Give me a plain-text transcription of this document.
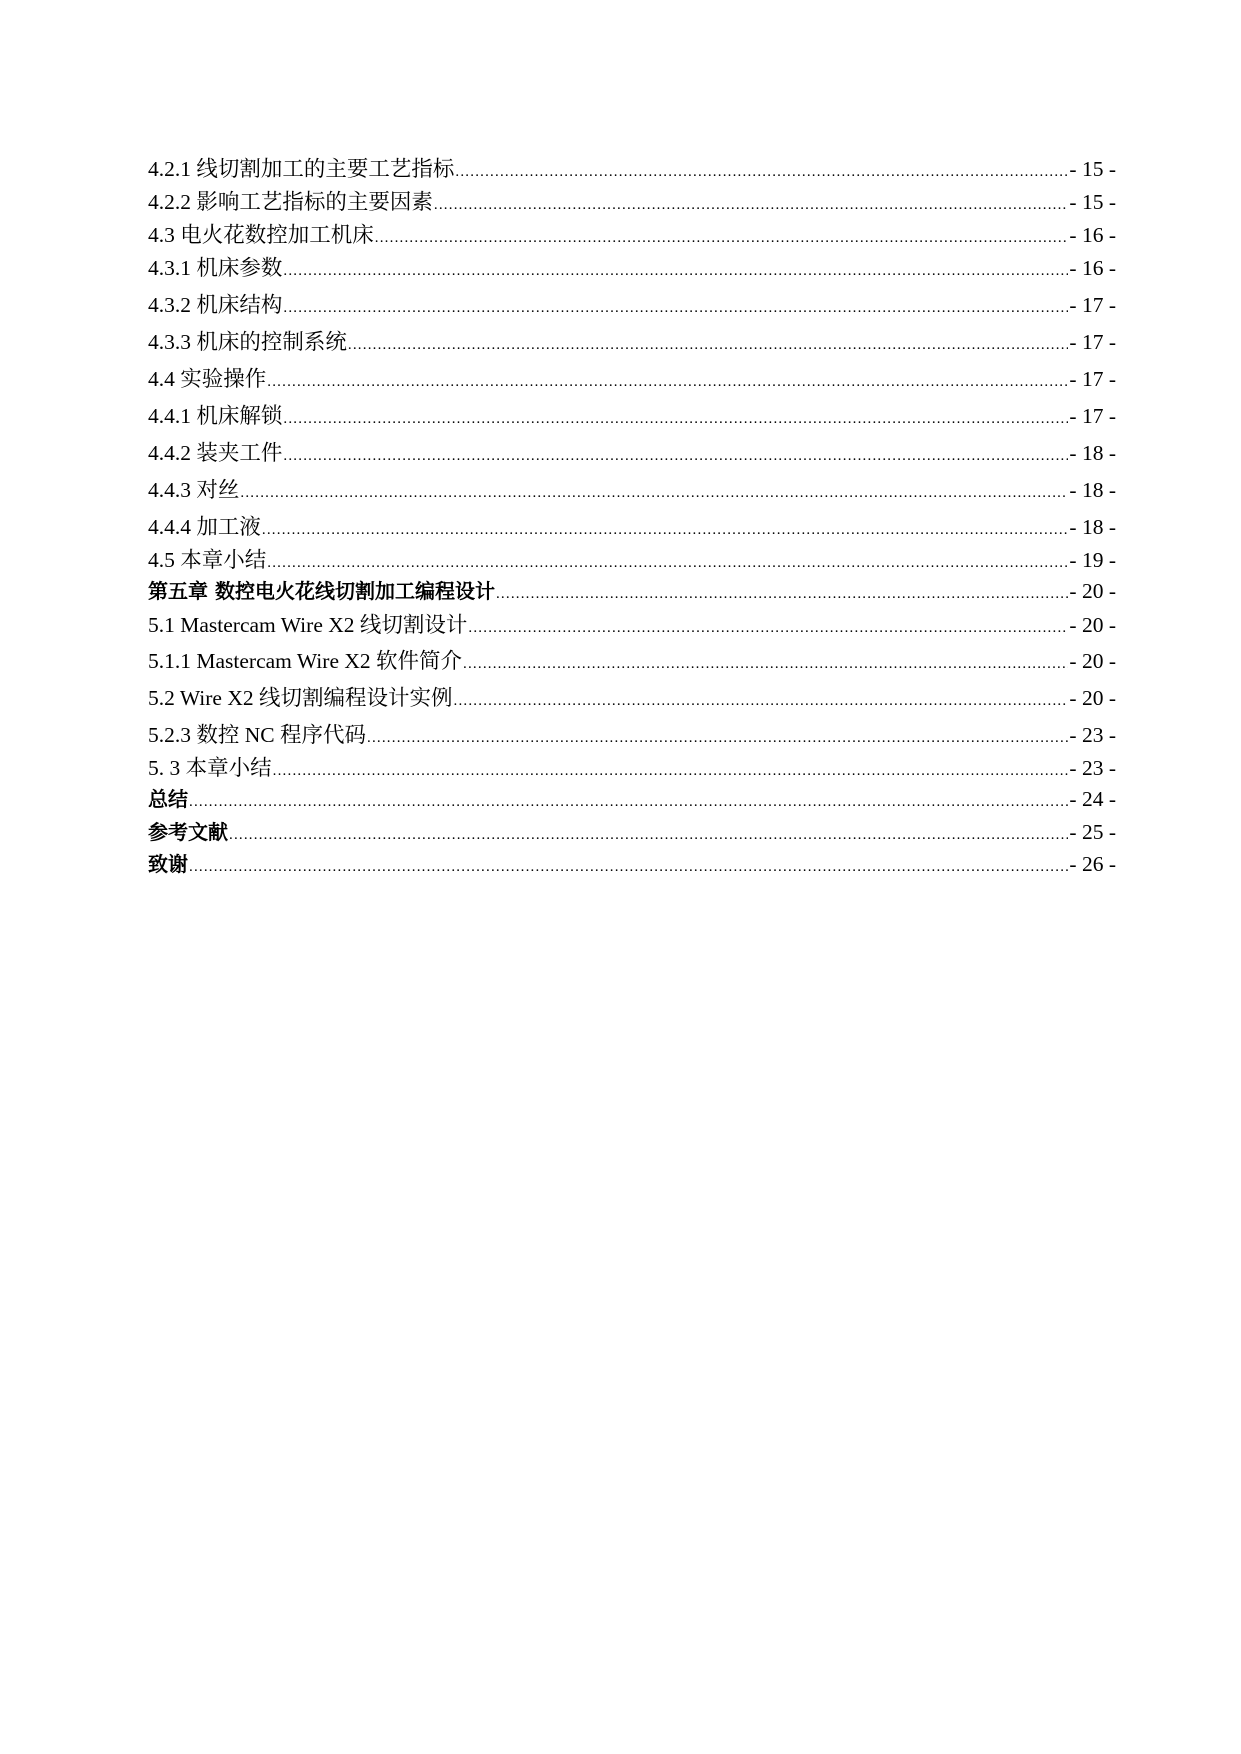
4.2.1 线切割加工的主要工艺指标 .....	- 15 -
4.2.2 影响工艺指标的主要因素 .....	- 15 -
4.3 电火花数控加工机床 .....	- 16 -
4.3.1 机床参数 .....	- 16 -
4.3.2 机床结构 .....	- 17 -
4.3.3 机床的控制系统 .....	- 17 -
4.4 实验操作 .....	- 17 -
4.4.1 机床解锁 .....	- 17 -
4.4.2 装夹工件 .....	- 18 -
4.4.3 对丝 .....	- 18 -
4.4.4 加工液 .....	- 18 -
4.5 本章小结 .....	- 19 -
第五章 数控电火花线切割加工编程设计 .....	- 20 -
5.1 Mastercam Wire X2 线切割设计 .....	- 20 -
5.1.1 Mastercam Wire X2 软件简介 .....	- 20 -
5.2 Wire X2 线切割编程设计实例 .....	- 20 -
5.2.3 数控 NC 程序代码 .....	- 23 -
5. 3 本章小结 .....	- 23 -
总结 .....	- 24 -
参考文献 .....	- 25 -
致谢 .....	- 26 -
